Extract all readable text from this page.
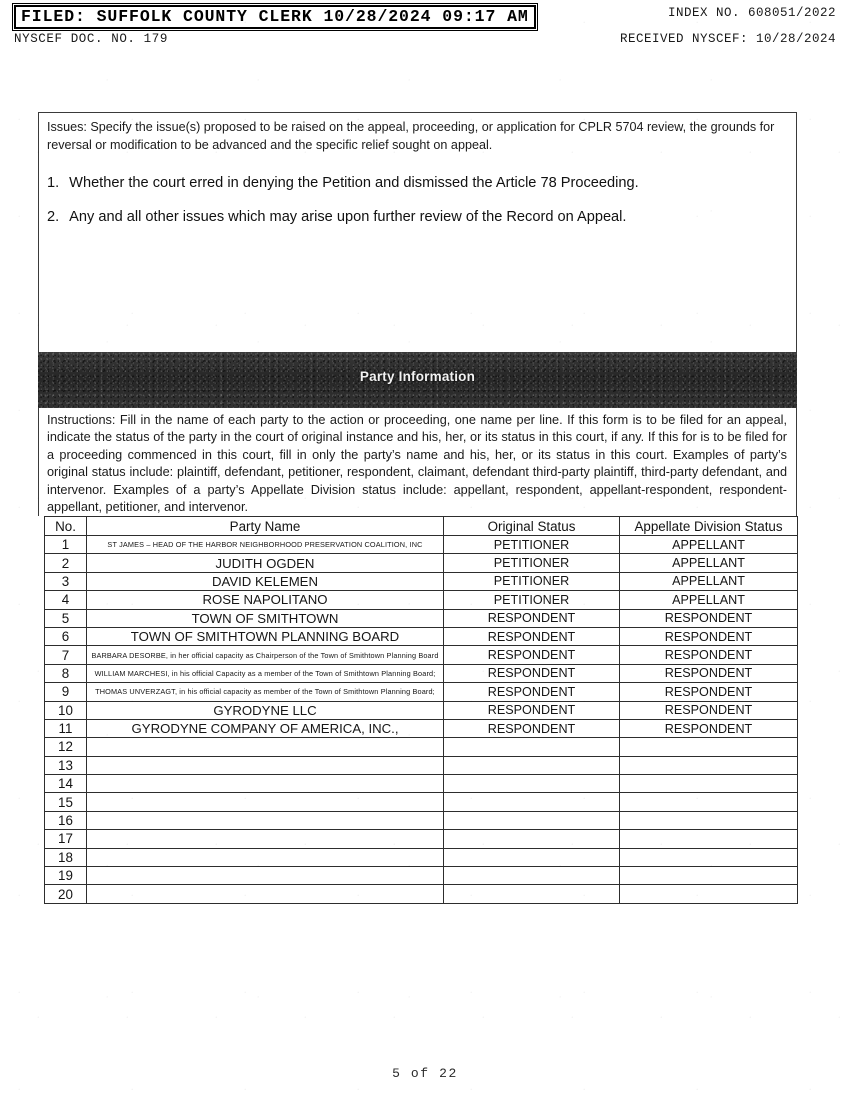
FILED: SUFFOLK COUNTY CLERK 10/28/2024 09:17 AM
NYSCEF DOC. NO. 179
INDEX NO. 608051/2022
RECEIVED NYSCEF: 10/28/2024
Issues: Specify the issue(s) proposed to be raised on the appeal, proceeding, or application for CPLR 5704 review, the grounds for reversal or modification to be advanced and the specific relief sought on appeal.
1. Whether the court erred in denying the Petition and dismissed the Article 78 Proceeding.
2. Any and all other issues which may arise upon further review of the Record on Appeal.
Party Information
Instructions: Fill in the name of each party to the action or proceeding, one name per line. If this form is to be filed for an appeal, indicate the status of the party in the court of original instance and his, her, or its status in this court, if any. If this for is to be filed for a proceeding commenced in this court, fill in only the party’s name and his, her, or its status in this court. Examples of party’s original status include: plaintiff, defendant, petitioner, respondent, claimant, defendant third-party plaintiff, third-party defendant, and intervenor. Examples of a party’s Appellate Division status include: appellant, respondent, appellant-respondent, respondent-appellant, petitioner, and intervenor.
No.	Party Name	Original Status	Appellate Division Status
1	ST JAMES – HEAD OF THE HARBOR NEIGHBORHOOD PRESERVATION COALITION, INC	PETITIONER	APPELLANT
2	JUDITH OGDEN	PETITIONER	APPELLANT
3	DAVID KELEMEN	PETITIONER	APPELLANT
4	ROSE NAPOLITANO	PETITIONER	APPELLANT
5	TOWN OF SMITHTOWN	RESPONDENT	RESPONDENT
6	TOWN OF SMITHTOWN PLANNING BOARD	RESPONDENT	RESPONDENT
7	BARBARA DESORBE, in her official capacity as Chairperson of the Town of Smithtown Planning Board	RESPONDENT	RESPONDENT
8	WILLIAM MARCHESI, in his official Capacity as a member of the Town of Smithtown Planning Board;	RESPONDENT	RESPONDENT
9	THOMAS UNVERZAGT, in his official capacity as member of the Town of Smithtown Planning Board;	RESPONDENT	RESPONDENT
10	GYRODYNE LLC	RESPONDENT	RESPONDENT
11	GYRODYNE COMPANY OF AMERICA, INC.,	RESPONDENT	RESPONDENT
12			
13			
14			
15			
16			
17			
18			
19			
20			
5 of 22
